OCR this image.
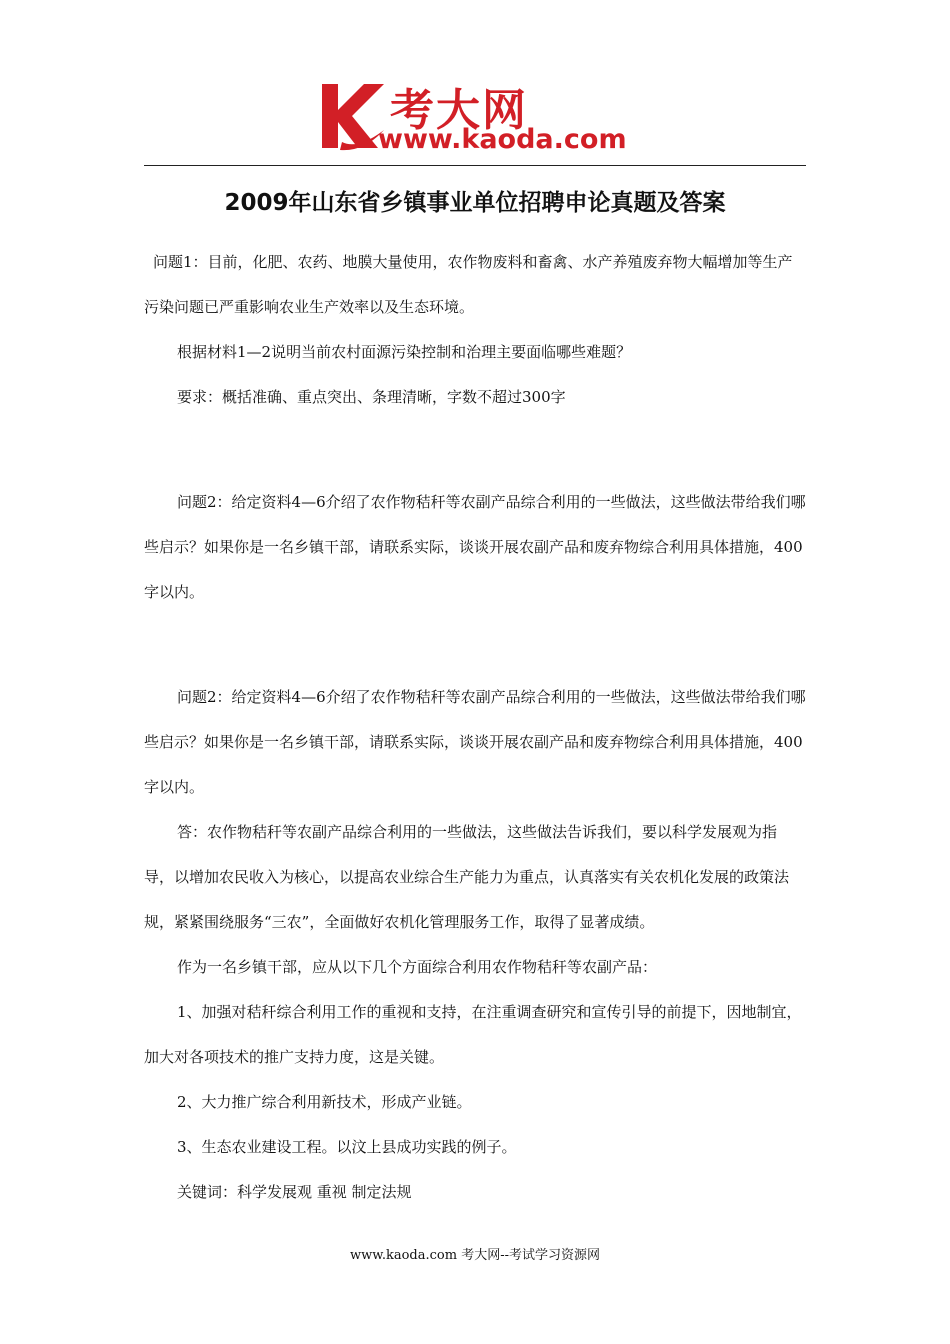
考大网
www.kaoda.com
2009年山东省乡镇事业单位招聘申论真题及答案

问题1：目前，化肥、农药、地膜大量使用，农作物废料和畜禽、水产养殖废弃物大幅增加等生产污染问题已严重影响农业生产效率以及生态环境。

根据材料1—2说明当前农村面源污染控制和治理主要面临哪些难题？

要求：概括准确、重点突出、条理清晰，字数不超过300字

问题2：给定资料4—6介绍了农作物秸秆等农副产品综合利用的一些做法，这些做法带给我们哪些启示？如果你是一名乡镇干部，请联系实际，谈谈开展农副产品和废弃物综合利用具体措施，400字以内。

问题2：给定资料4—6介绍了农作物秸秆等农副产品综合利用的一些做法，这些做法带给我们哪些启示？如果你是一名乡镇干部，请联系实际，谈谈开展农副产品和废弃物综合利用具体措施，400字以内。

答：农作物秸秆等农副产品综合利用的一些做法，这些做法告诉我们，要以科学发展观为指导，以增加农民收入为核心，以提高农业综合生产能力为重点，认真落实有关农机化发展的政策法规，紧紧围绕服务“三农”，全面做好农机化管理服务工作，取得了显著成绩。

作为一名乡镇干部，应从以下几个方面综合利用农作物秸秆等农副产品：

1、加强对秸秆综合利用工作的重视和支持，在注重调查研究和宣传引导的前提下，因地制宜，加大对各项技术的推广支持力度，这是关键。

2、大力推广综合利用新技术，形成产业链。

3、生态农业建设工程。以汶上县成功实践的例子。

关键词：科学发展观 重视 制定法规

www.kaoda.com 考大网--考试学习资源网
